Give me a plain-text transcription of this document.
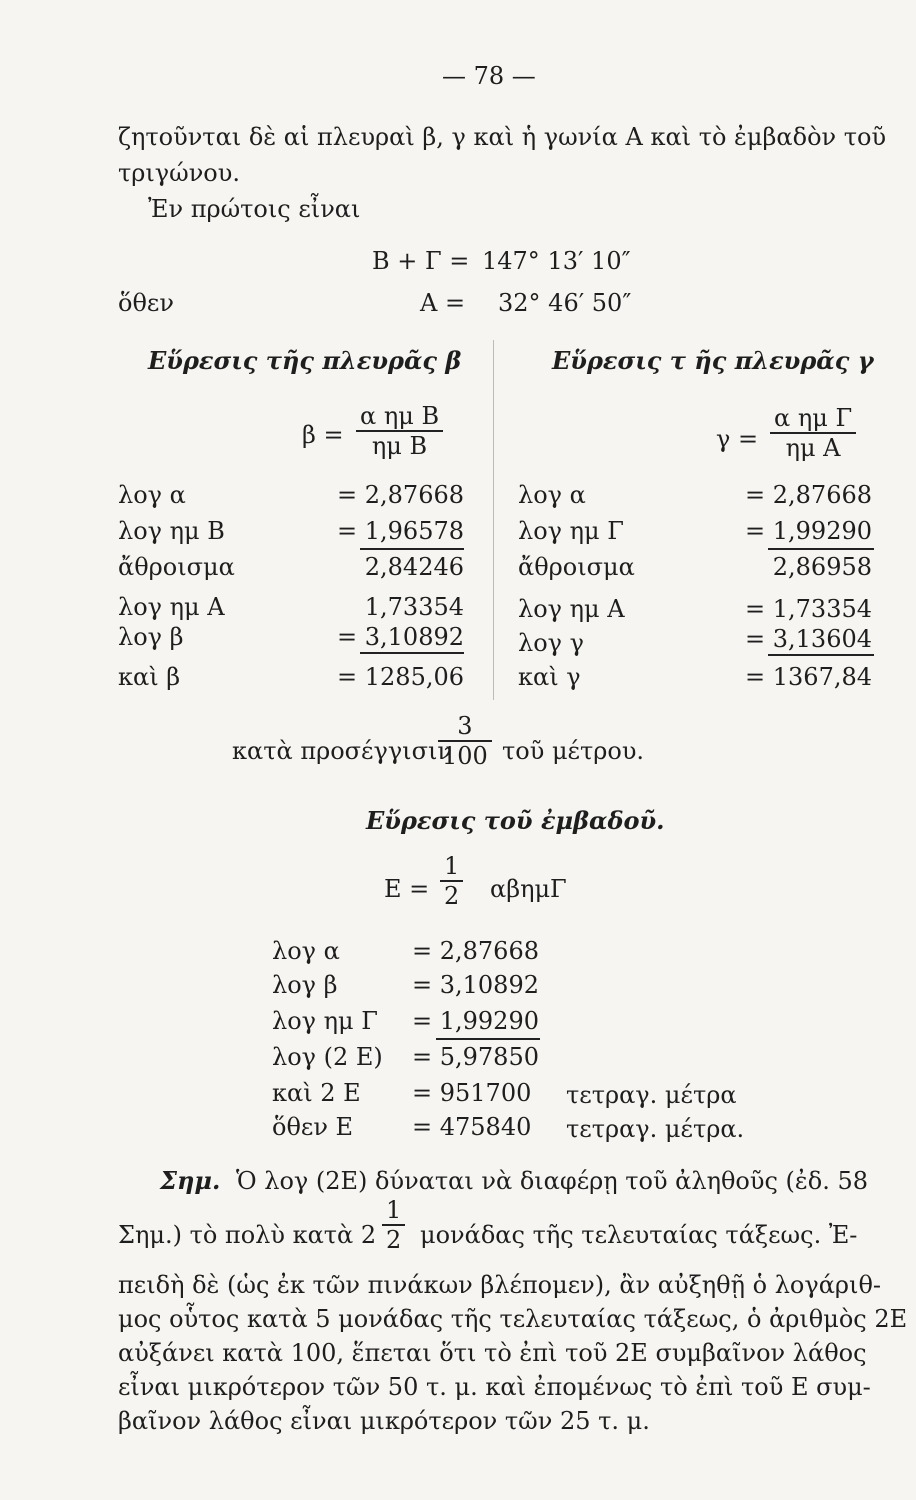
— 78 —
ζητοῦνται δὲ αἱ πλευραὶ β, γ καὶ ἡ γωνία Α καὶ τὸ ἐμβαδὸν τοῦ
τριγώνου.
Ἐν πρώτοις εἶναι
Β + Γ = 147° 13′ 10″
ὅθεν	Α = 32° 46′ 50″
Εὕρεσις τῆς πλευρᾶς β	Εὕρεσις τ ῆς πλευρᾶς γ
$\beta = \frac{\text{α ημ Β}}{\text{ημ Β}}$	$\gamma = \frac{\text{α ημ Γ}}{\text{ημ Α}}$
λογ α	= 2,87668
λογ ημ Β	= 1,96578
ἄθροισμα	2,84246
λογ ημ Α	1,73354
λογ β	= 3,10892
καὶ β	= 1285,06
λογ α	= 2,87668
λογ ημ Γ	= 1,99290
ἄθροισμα	2,86958
λογ ημ Α	= 1,73354
λογ γ	= 3,13604
καὶ γ	= 1367,84
κατὰ προσέγγισιν
$\frac{3}{100}$ τοῦ μέτρου.
Εὕρεσις τοῦ ἐμβαδοῦ.
$E = \frac{1}{2}$ αβημΓ
λογ α	= 2,87668
λογ β	= 3,10892
λογ ημ Γ = 1,99290
λογ (2 Ε) = 5,97850
καὶ 2 Ε = 951700 τετραγ. μέτρα
ὅθεν Ε = 475840 τετραγ. μέτρα.
Σημ. Ὁ λογ (2Ε) δύναται νὰ διαφέρῃ τοῦ ἀληθοῦς (ἐδ. 58
Σημ.) τὸ πολὺ κατὰ $2 \frac{1}{2}$ μονάδας τῆς τελευταίας τάξεως. Ἐ-
πειδὴ δὲ (ὡς ἐκ τῶν πινάκων βλέπομεν), ἂν αὐξηθῇ ὁ λογάριθ-
μος οὗτος κατὰ 5 μονάδας τῆς τελευταίας τάξεως, ὁ ἀριθμὸς 2Ε
αὐξάνει κατὰ 100, ἕπεται ὅτι τὸ ἐπὶ τοῦ 2Ε συμβαῖνον λάθος
εἶναι μικρότερον τῶν 50 τ. μ. καὶ ἐπομένως τὸ ἐπὶ τοῦ Ε συμ-
βαῖνον λάθος εἶναι μικρότερον τῶν 25 τ. μ.
